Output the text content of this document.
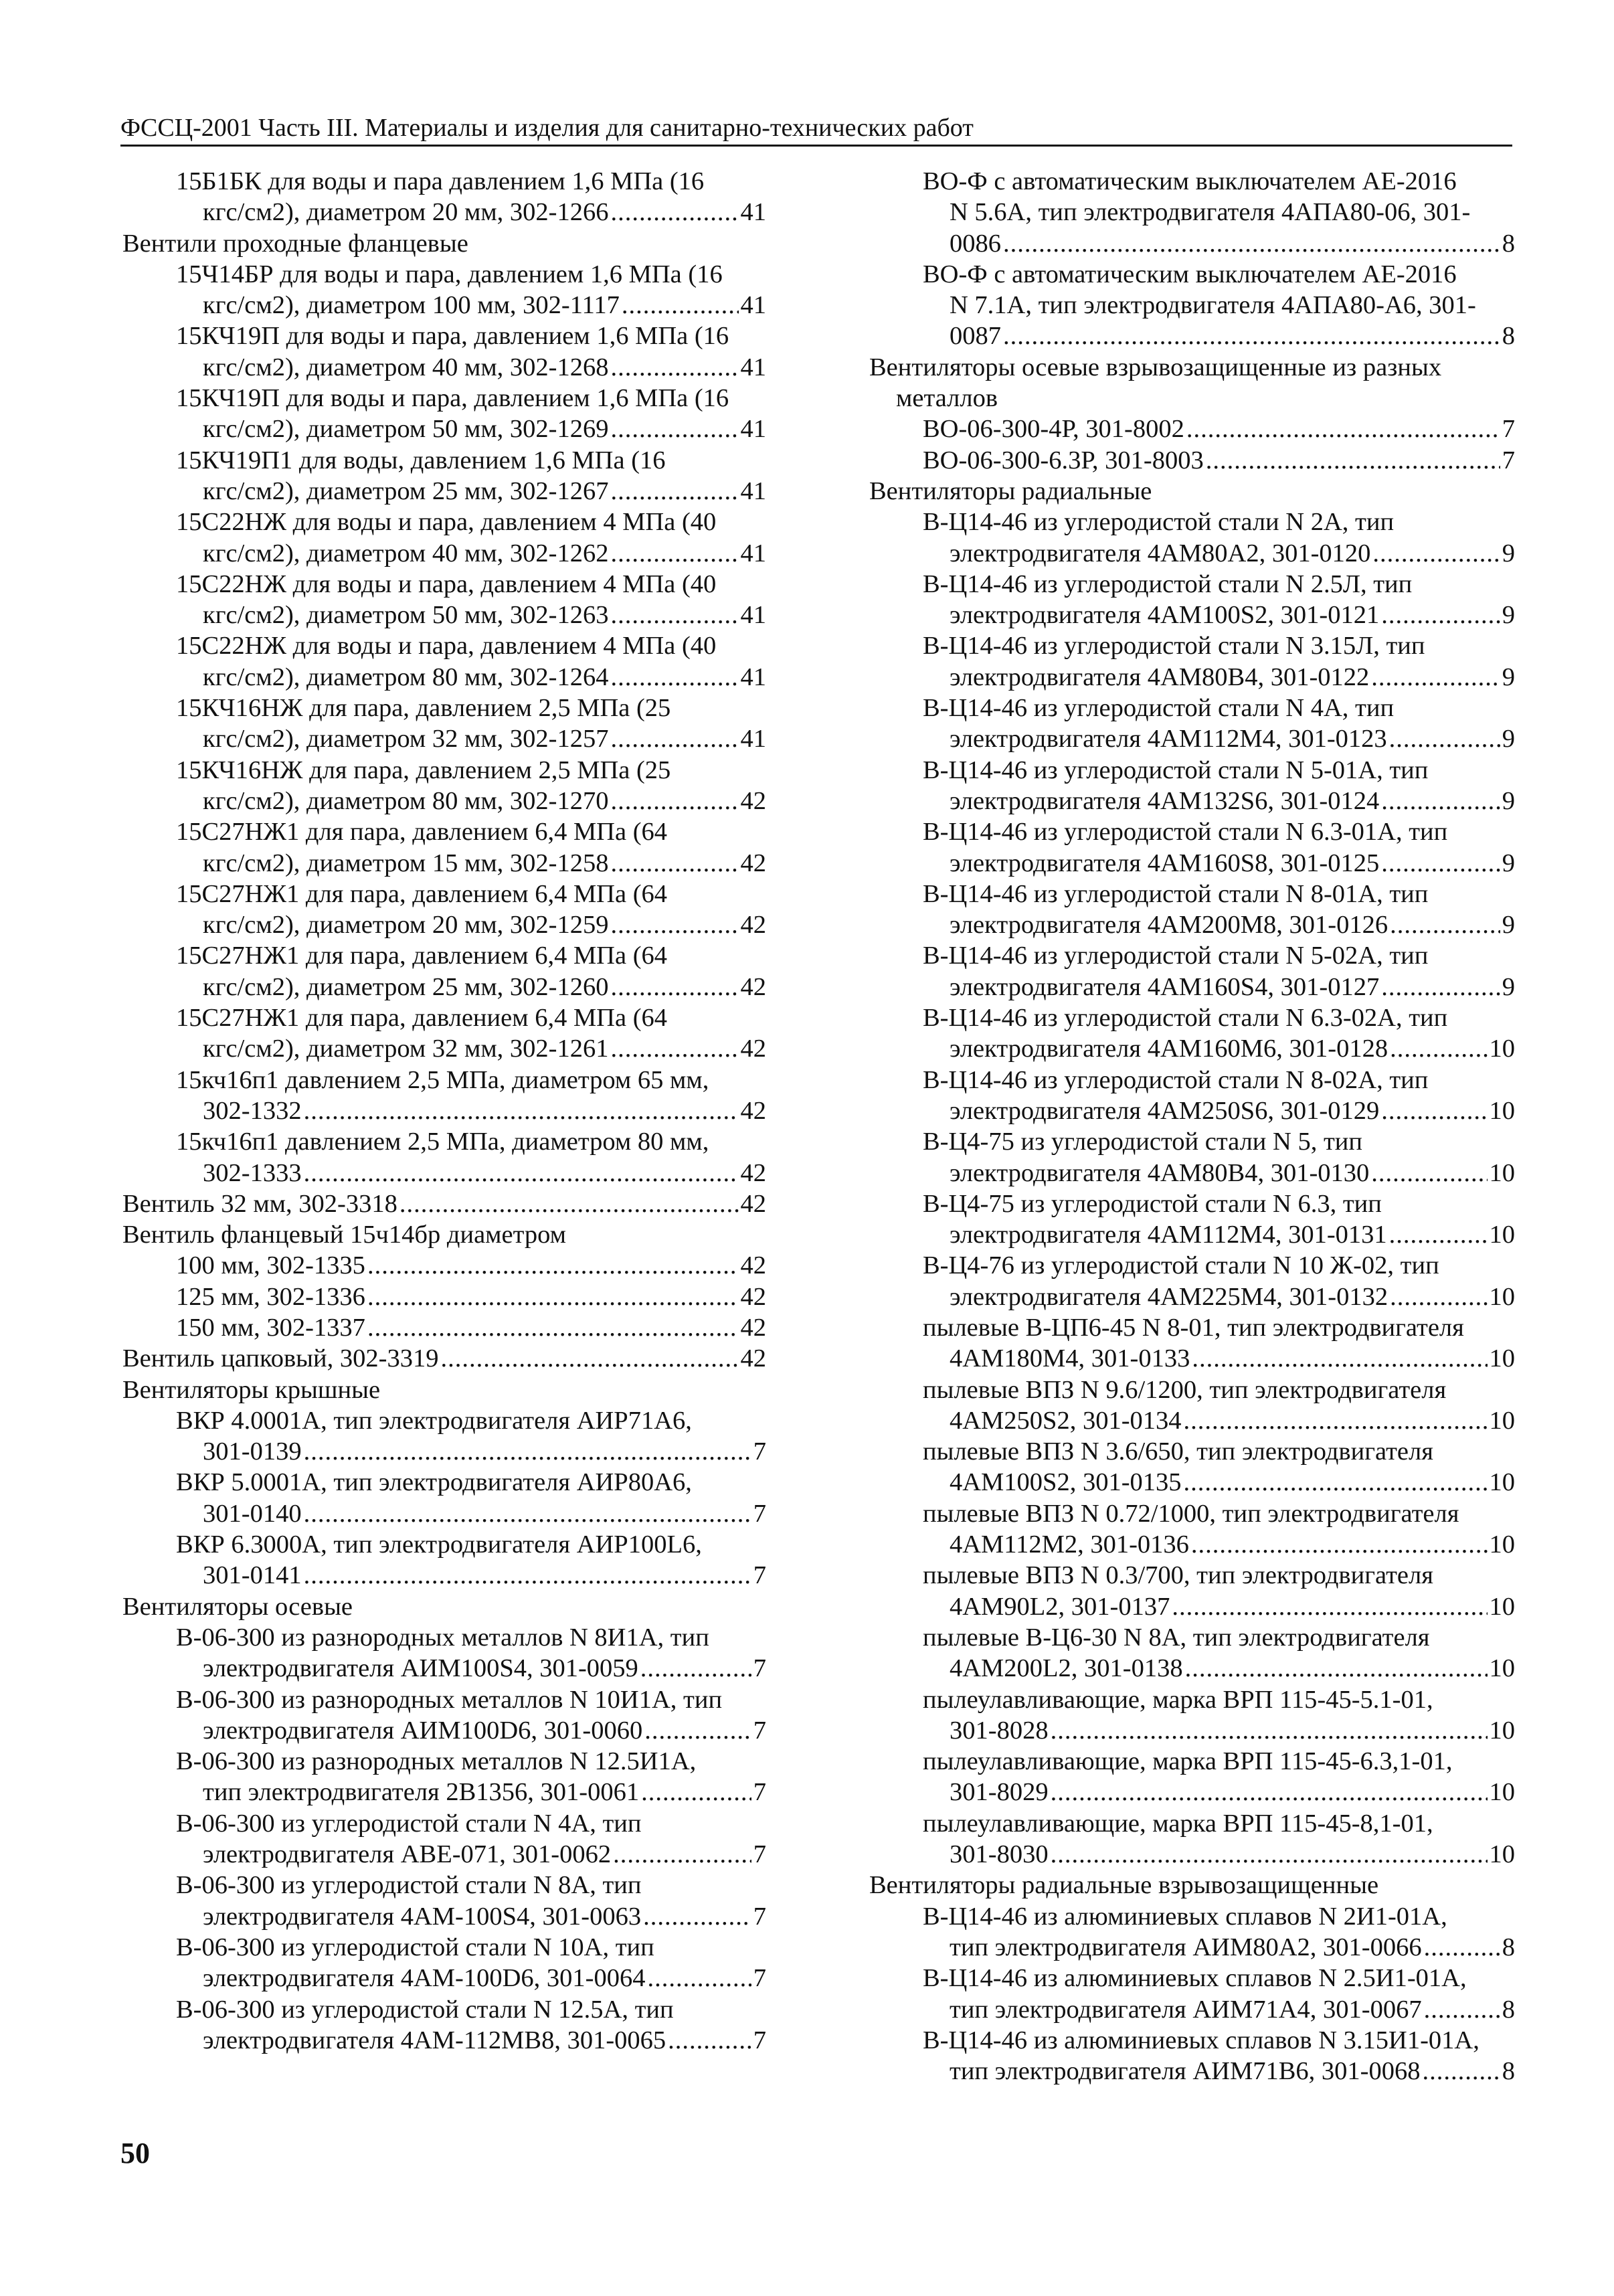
ФССЦ-2001 Часть III. Материалы и изделия для санитарно-технических работ
15Б1БК для воды и пара давлением 1,6 МПа (16
кгс/см2), диаметром 20 мм, 302-1266 .....	41
Вентили проходные фланцевые
15Ч14БР для воды и пара, давлением 1,6 МПа (16
кгс/см2), диаметром 100 мм, 302-1117 .....	41
15КЧ19П для воды и пара, давлением 1,6 МПа (16
кгс/см2), диаметром 40 мм, 302-1268 .....	41
15КЧ19П для воды и пара, давлением 1,6 МПа (16
кгс/см2), диаметром 50 мм, 302-1269 .....	41
15КЧ19П1 для воды, давлением 1,6 МПа (16
кгс/см2), диаметром 25 мм, 302-1267 .....	41
15С22НЖ для воды и пара, давлением 4 МПа (40
кгс/см2), диаметром 40 мм, 302-1262 .....	41
15С22НЖ для воды и пара, давлением 4 МПа (40
кгс/см2), диаметром 50 мм, 302-1263 .....	41
15С22НЖ для воды и пара, давлением 4 МПа (40
кгс/см2), диаметром 80 мм, 302-1264 .....	41
15КЧ16НЖ для пара, давлением 2,5 МПа (25
кгс/см2), диаметром 32 мм, 302-1257 .....	41
15КЧ16НЖ для пара, давлением 2,5 МПа (25
кгс/см2), диаметром 80 мм, 302-1270 .....	42
15С27НЖ1 для пара, давлением 6,4 МПа (64
кгс/см2), диаметром 15 мм, 302-1258 .....	42
15С27НЖ1 для пара, давлением 6,4 МПа (64
кгс/см2), диаметром 20 мм, 302-1259 .....	42
15С27НЖ1 для пара, давлением 6,4 МПа (64
кгс/см2), диаметром 25 мм, 302-1260 .....	42
15С27НЖ1 для пара, давлением 6,4 МПа (64
кгс/см2), диаметром 32 мм, 302-1261 .....	42
15кч16п1 давлением 2,5 МПа, диаметром 65 мм,
302-1332 .....	42
15кч16п1 давлением 2,5 МПа, диаметром 80 мм,
302-1333 .....	42
Вентиль 32 мм, 302-3318 .....	42
Вентиль фланцевый 15ч14бр диаметром
100 мм, 302-1335 .....	42
125 мм, 302-1336 .....	42
150 мм, 302-1337 .....	42
Вентиль цапковый, 302-3319 .....	42
Вентиляторы крышные
ВКР 4.0001А, тип электродвигателя АИР71А6,
301-0139 .....	7
ВКР 5.0001А, тип электродвигателя АИР80А6,
301-0140 .....	7
ВКР 6.3000А, тип электродвигателя АИР100L6,
301-0141 .....	7
Вентиляторы осевые
В-06-300 из разнородных металлов N 8И1А, тип
электродвигателя АИМ100S4, 301-0059 .....	7
В-06-300 из разнородных металлов N 10И1А, тип
электродвигателя АИМ100D6, 301-0060 .....	7
В-06-300 из разнородных металлов N 12.5И1А,
тип электродвигателя 2В1356, 301-0061 .....	7
В-06-300 из углеродистой стали N 4А, тип
электродвигателя АВЕ-071, 301-0062 .....	7
В-06-300 из углеродистой стали N 8А, тип
электродвигателя 4АМ-100S4, 301-0063 .....	7
В-06-300 из углеродистой стали N 10А, тип
электродвигателя 4АМ-100D6, 301-0064 .....	7
В-06-300 из углеродистой стали N 12.5А, тип
электродвигателя 4АМ-112МВ8, 301-0065 .....	7
ВО-Ф с автоматическим выключателем АЕ-2016
N 5.6А, тип электродвигателя 4АПА80-06, 301-
0086 .....	8
ВО-Ф с автоматическим выключателем АЕ-2016
N 7.1А, тип электродвигателя 4АПА80-А6, 301-
0087 .....	8
Вентиляторы осевые взрывозащищенные из разных
металлов
ВО-06-300-4Р, 301-8002 .....	7
ВО-06-300-6.3Р, 301-8003 .....	7
Вентиляторы радиальные
В-Ц14-46 из углеродистой стали N 2А, тип
электродвигателя 4АМ80А2, 301-0120 .....	9
В-Ц14-46 из углеродистой стали N 2.5Л, тип
электродвигателя 4АМ100S2, 301-0121 .....	9
В-Ц14-46 из углеродистой стали N 3.15Л, тип
электродвигателя 4АМ80В4, 301-0122 .....	9
В-Ц14-46 из углеродистой стали N 4А, тип
электродвигателя 4АМ112М4, 301-0123 .....	9
В-Ц14-46 из углеродистой стали N 5-01А, тип
электродвигателя 4АМ132S6, 301-0124 .....	9
В-Ц14-46 из углеродистой стали N 6.3-01А, тип
электродвигателя 4АМ160S8, 301-0125 .....	9
В-Ц14-46 из углеродистой стали N 8-01А, тип
электродвигателя 4АМ200М8, 301-0126 .....	9
В-Ц14-46 из углеродистой стали N 5-02А, тип
электродвигателя 4АМ160S4, 301-0127 .....	9
В-Ц14-46 из углеродистой стали N 6.3-02А, тип
электродвигателя 4АМ160М6, 301-0128 .....	10
В-Ц14-46 из углеродистой стали N 8-02А, тип
электродвигателя 4АМ250S6, 301-0129 .....	10
В-Ц4-75 из углеродистой стали N 5, тип
электродвигателя 4АМ80В4, 301-0130 .....	10
В-Ц4-75 из углеродистой стали N 6.3, тип
электродвигателя 4АМ112М4, 301-0131 .....	10
В-Ц4-76 из углеродистой стали N 10 Ж-02, тип
электродвигателя 4АМ225М4, 301-0132 .....	10
пылевые В-ЦП6-45 N 8-01, тип электродвигателя
4АМ180М4, 301-0133 .....	10
пылевые ВПЗ N 9.6/1200, тип электродвигателя
4АМ250S2, 301-0134 .....	10
пылевые ВПЗ N 3.6/650, тип электродвигателя
4АМ100S2, 301-0135 .....	10
пылевые ВПЗ N 0.72/1000, тип электродвигателя
4АМ112М2, 301-0136 .....	10
пылевые ВПЗ N 0.3/700, тип электродвигателя
4АМ90L2, 301-0137 .....	10
пылевые В-Ц6-30 N 8А, тип электродвигателя
4АМ200L2, 301-0138 .....	10
пылеулавливающие, марка ВРП 115-45-5.1-01,
301-8028 .....	10
пылеулавливающие, марка ВРП 115-45-6.3,1-01,
301-8029 .....	10
пылеулавливающие, марка ВРП 115-45-8,1-01,
301-8030 .....	10
Вентиляторы радиальные взрывозащищенные
В-Ц14-46 из алюминиевых сплавов N 2И1-01А,
тип электродвигателя АИМ80А2, 301-0066 .....	8
В-Ц14-46 из алюминиевых сплавов N 2.5И1-01А,
тип электродвигателя АИМ71А4, 301-0067 .....	8
В-Ц14-46 из алюминиевых сплавов N 3.15И1-01А,
тип электродвигателя АИМ71В6, 301-0068 .....	8
50
